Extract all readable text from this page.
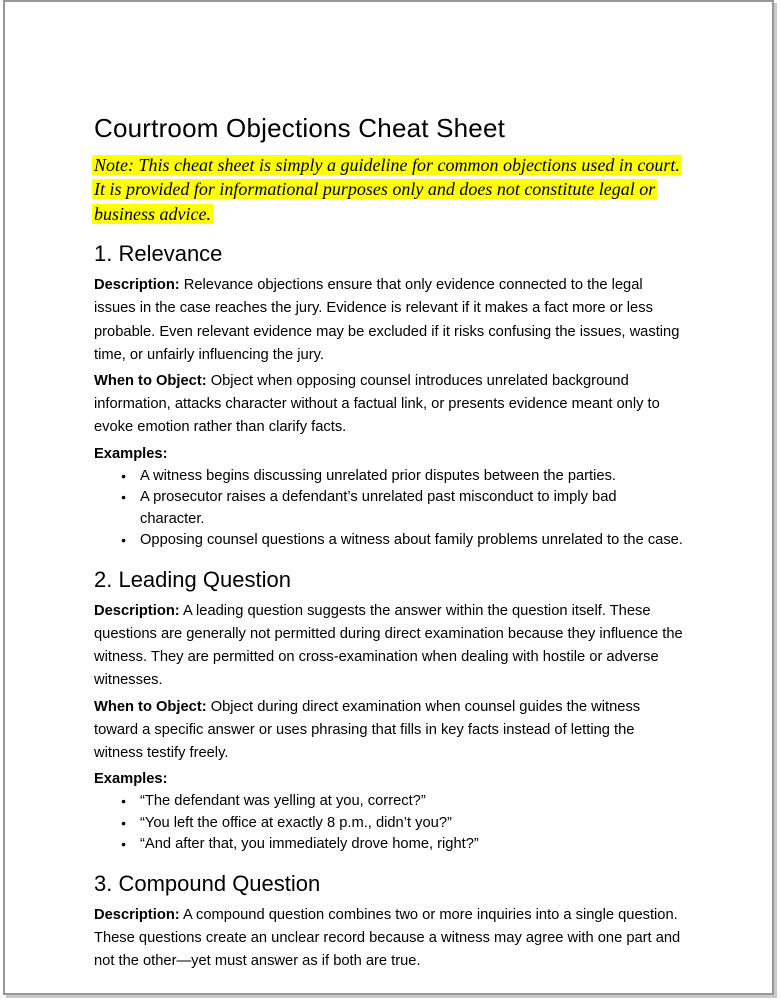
Courtroom Objections Cheat Sheet

Note: This cheat sheet is simply a guideline for common objections used in court. It is provided for informational purposes only and does not constitute legal or business advice.

1. Relevance

Description: Relevance objections ensure that only evidence connected to the legal issues in the case reaches the jury. Evidence is relevant if it makes a fact more or less probable. Even relevant evidence may be excluded if it risks confusing the issues, wasting time, or unfairly influencing the jury.

When to Object: Object when opposing counsel introduces unrelated background information, attacks character without a factual link, or presents evidence meant only to evoke emotion rather than clarify facts.

Examples:

● A witness begins discussing unrelated prior disputes between the parties.
● A prosecutor raises a defendant’s unrelated past misconduct to imply bad character.
● Opposing counsel questions a witness about family problems unrelated to the case.
2. Leading Question

Description: A leading question suggests the answer within the question itself. These questions are generally not permitted during direct examination because they influence the witness. They are permitted on cross-examination when dealing with hostile or adverse witnesses.

When to Object: Object during direct examination when counsel guides the witness toward a specific answer or uses phrasing that fills in key facts instead of letting the witness testify freely.

Examples:

● “The defendant was yelling at you, correct?”
● “You left the office at exactly 8 p.m., didn’t you?”
● “And after that, you immediately drove home, right?”
3. Compound Question

Description: A compound question combines two or more inquiries into a single question. These questions create an unclear record because a witness may agree with one part and not the other—yet must answer as if both are true.
